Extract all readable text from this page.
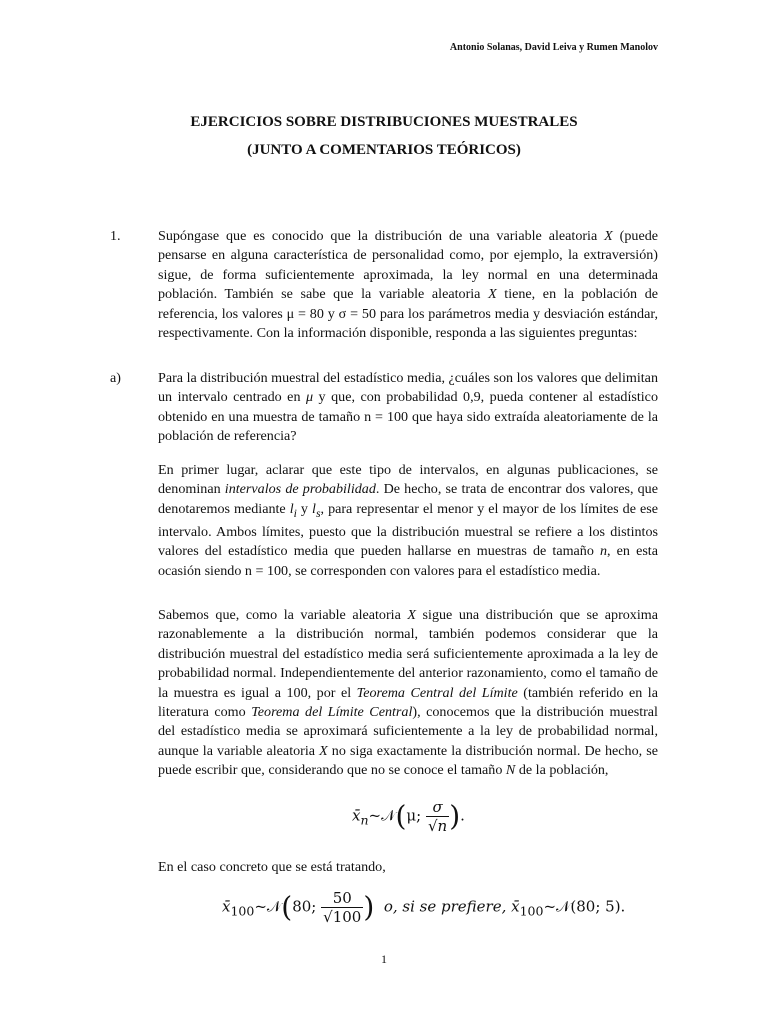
Antonio Solanas, David Leiva y Rumen Manolov
EJERCICIOS SOBRE DISTRIBUCIONES MUESTRALES
(JUNTO A COMENTARIOS TEÓRICOS)
1.	Supóngase que es conocido que la distribución de una variable aleatoria X (puede pensarse en alguna característica de personalidad como, por ejemplo, la extraversión) sigue, de forma suficientemente aproximada, la ley normal en una determinada población. También se sabe que la variable aleatoria X tiene, en la población de referencia, los valores μ = 80 y σ = 50 para los parámetros media y desviación estándar, respectivamente. Con la información disponible, responda a las siguientes preguntas:
a)	Para la distribución muestral del estadístico media, ¿cuáles son los valores que delimitan un intervalo centrado en μ y que, con probabilidad 0,9, pueda contener al estadístico obtenido en una muestra de tamaño n = 100 que haya sido extraída aleatoriamente de la población de referencia?
En primer lugar, aclarar que este tipo de intervalos, en algunas publicaciones, se denominan intervalos de probabilidad. De hecho, se trata de encontrar dos valores, que denotaremos mediante $l_i$ y $l_s$, para representar el menor y el mayor de los límites de ese intervalo. Ambos límites, puesto que la distribución muestral se refiere a los distintos valores del estadístico media que pueden hallarse en muestras de tamaño n, en esta ocasión siendo n = 100, se corresponden con valores para el estadístico media.
Sabemos que, como la variable aleatoria X sigue una distribución que se aproxima razonablemente a la distribución normal, también podemos considerar que la distribución muestral del estadístico media será suficientemente aproximada a la ley de probabilidad normal. Independientemente del anterior razonamiento, como el tamaño de la muestra es igual a 100, por el Teorema Central del Límite (también referido en la literatura como Teorema del Límite Central), conocemos que la distribución muestral del estadístico media se aproximará suficientemente a la ley de probabilidad normal, aunque la variable aleatoria X no siga exactamente la distribución normal. De hecho, se puede escribir que, considerando que no se conoce el tamaño N de la población,
$x̄_n\sim 𝒩(\mu$; $\frac{\sigma}{√n}$ ).
En el caso concreto que se está tratando,
$x̄_{100}\sim 𝒩(80$; $\frac{50}{√100}$ ) o, si se prefiere, $x̄_{100}\sim 𝒩(80$; 5).
1
